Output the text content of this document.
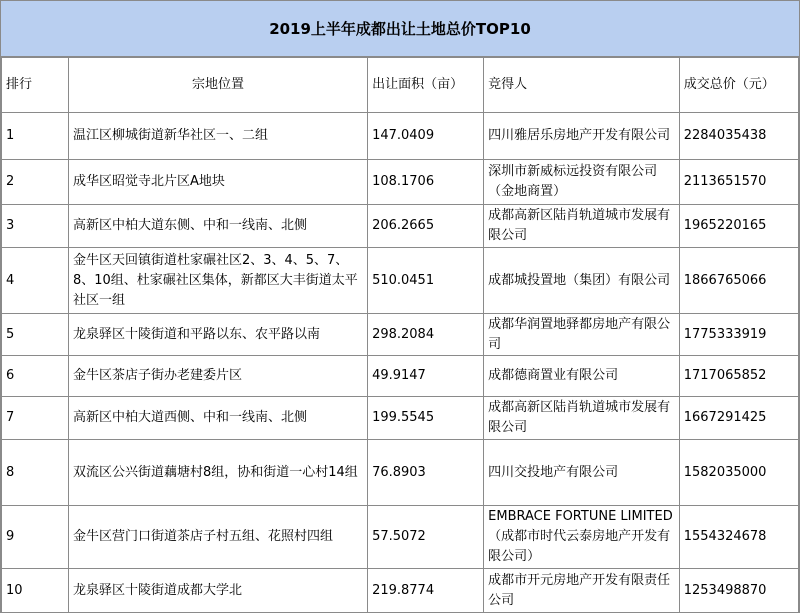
2019上半年成都出让土地总价TOP10
排行	宗地位置	出让面积（亩）	竞得人	成交总价（元）
1	温江区柳城街道新华社区一、二组	147.0409	四川雅居乐房地产开发有限公司	2284035438
2	成华区昭觉寺北片区A地块	108.1706	深圳市新威标远投资有限公司（金地商置）	2113651570
3	高新区中柏大道东侧、中和一线南、北侧	206.2665	成都高新区陆肖轨道城市发展有限公司	1965220165
4	金牛区天回镇街道杜家碾社区2、3、4、5、7、8、10组、杜家碾社区集体，新都区大丰街道太平社区一组	510.0451	成都城投置地（集团）有限公司	1866765066
5	龙泉驿区十陵街道和平路以东、农平路以南	298.2084	成都华润置地驿都房地产有限公司	1775333919
6	金牛区茶店子街办老建委片区	49.9147	成都德商置业有限公司	1717065852
7	高新区中柏大道西侧、中和一线南、北侧	199.5545	成都高新区陆肖轨道城市发展有限公司	1667291425
8	双流区公兴街道藕塘村8组，协和街道一心村14组	76.8903	四川交投地产有限公司	1582035000
9	金牛区营门口街道茶店子村五组、花照村四组	57.5072	EMBRACE FORTUNE LIMITED（成都市时代云泰房地产开发有限公司）	1554324678
10	龙泉驿区十陵街道成都大学北	219.8774	成都市开元房地产开发有限责任公司	1253498870
